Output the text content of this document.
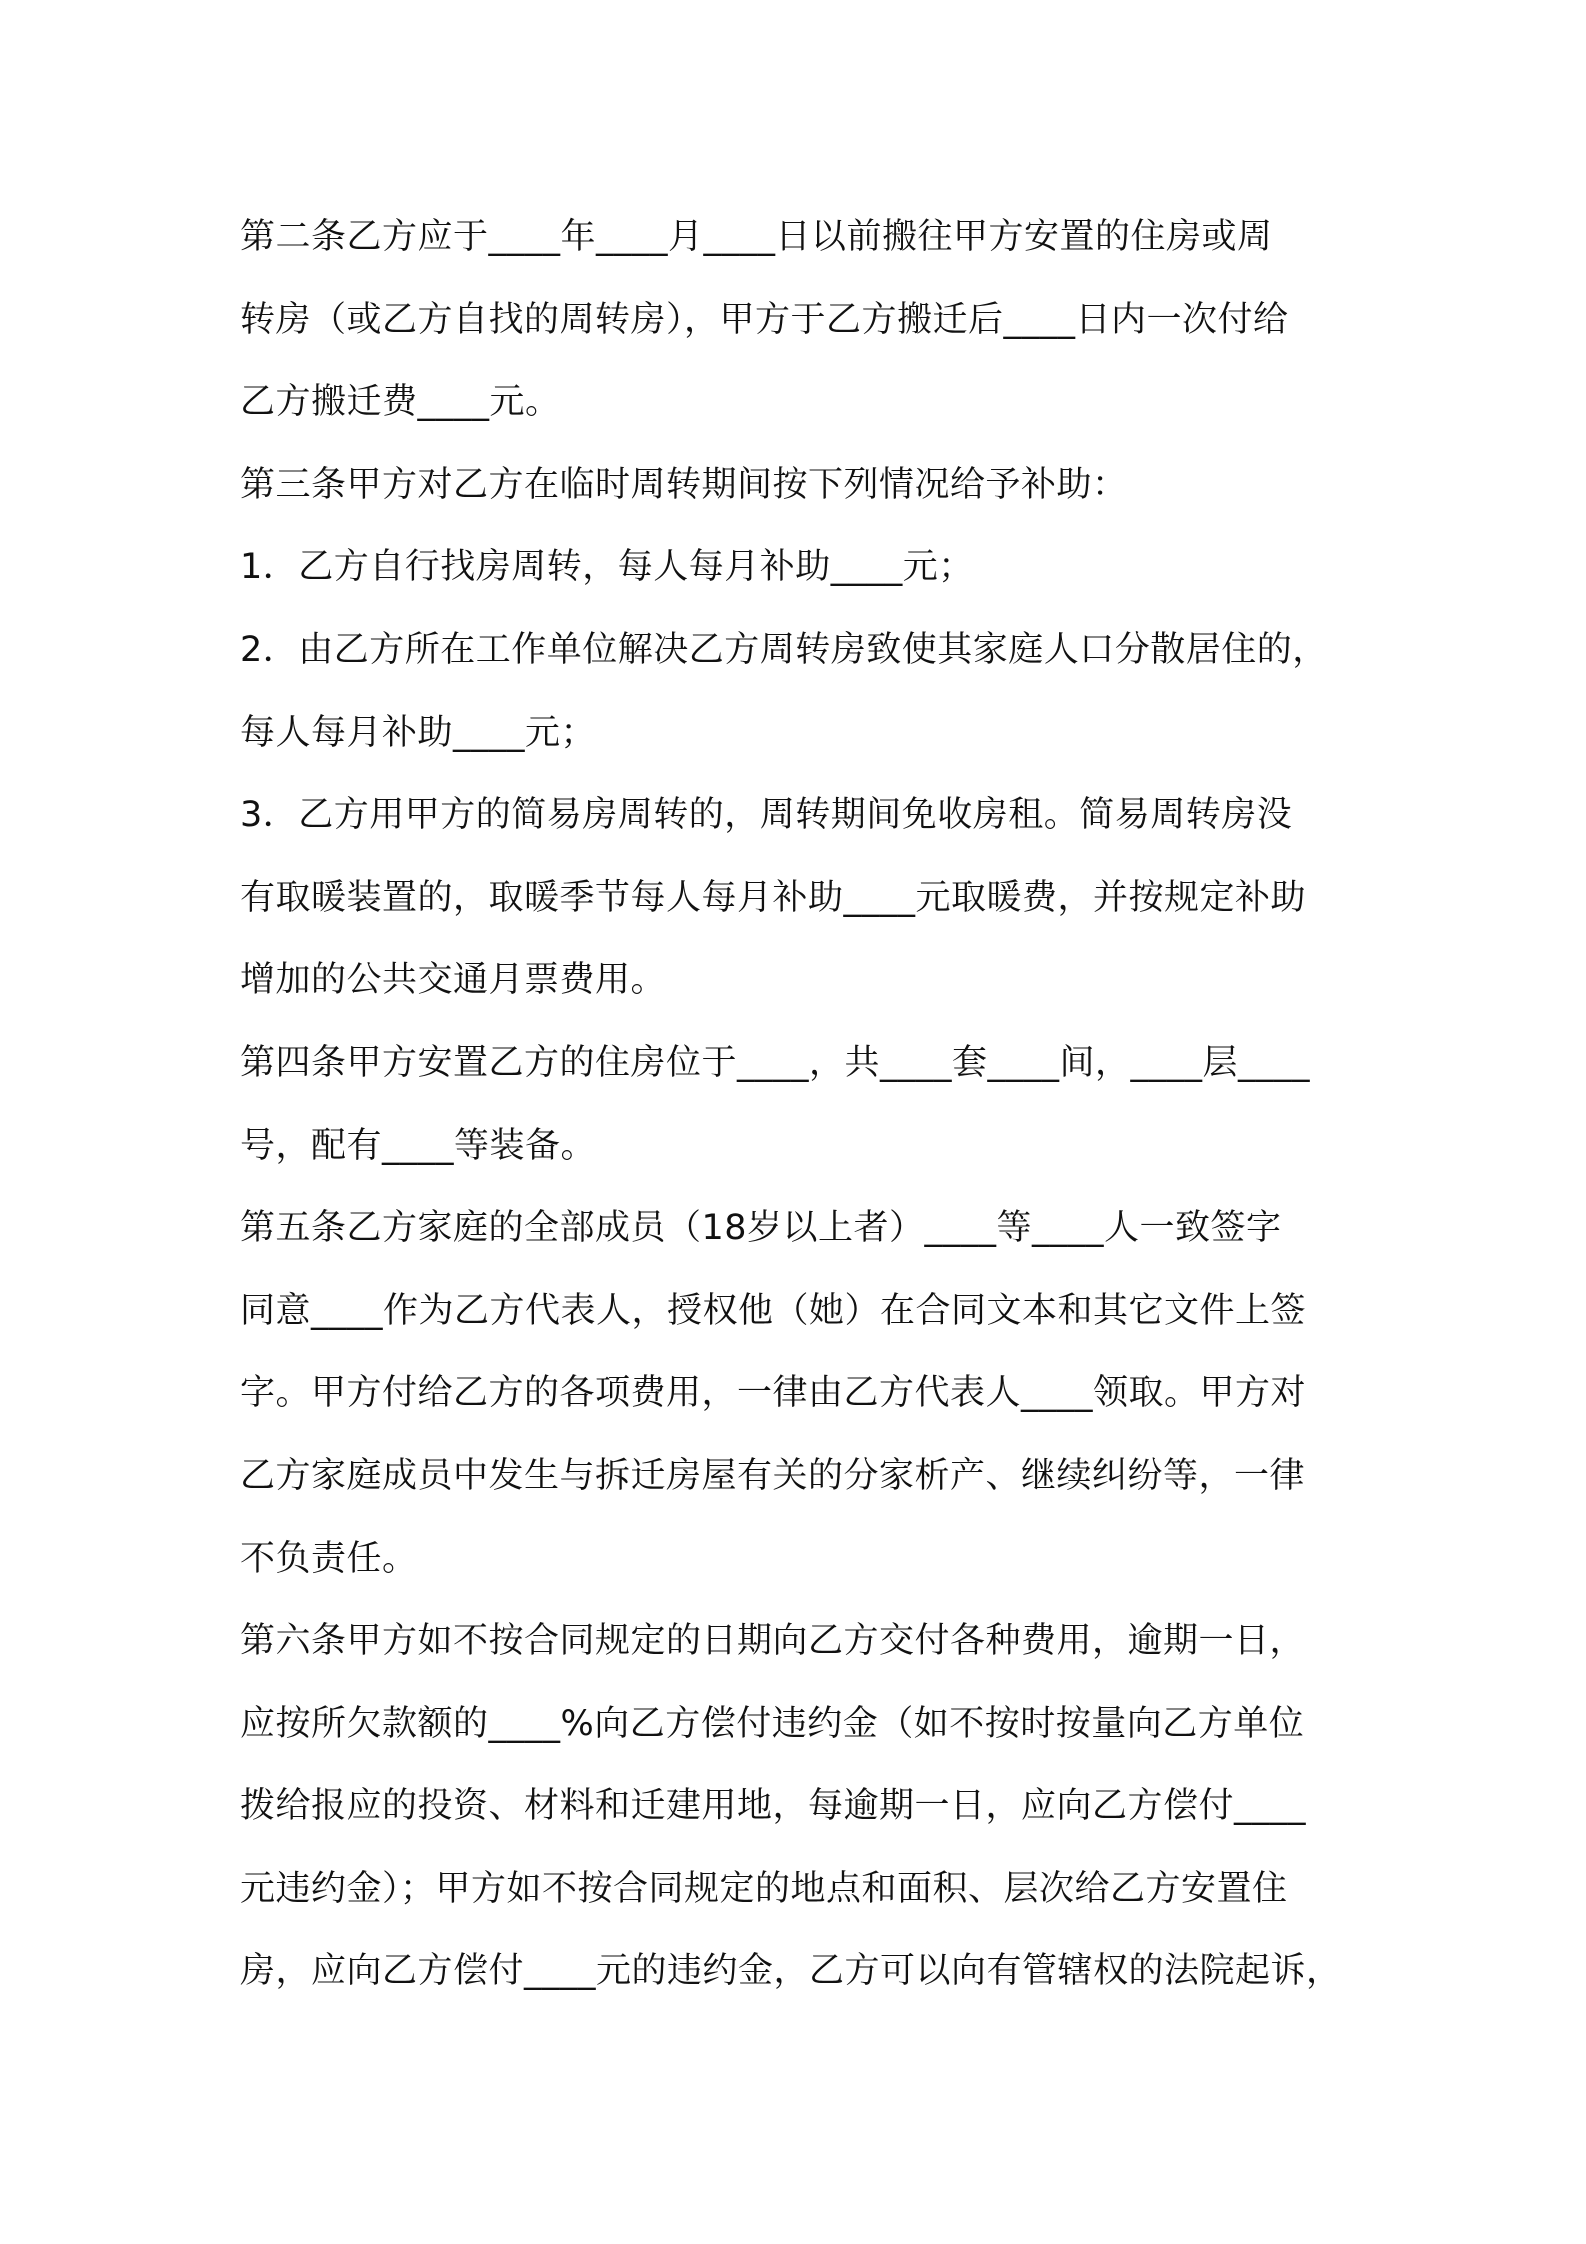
第二条乙方应于____年____月____日以前搬往甲方安置的住房或周
转房（或乙方自找的周转房），甲方于乙方搬迁后____日内一次付给
乙方搬迁费____元。
第三条甲方对乙方在临时周转期间按下列情况给予补助：
1．乙方自行找房周转，每人每月补助____元；
2．由乙方所在工作单位解决乙方周转房致使其家庭人口分散居住的，
每人每月补助____元；
3．乙方用甲方的简易房周转的，周转期间免收房租。简易周转房没
有取暖装置的，取暖季节每人每月补助____元取暖费，并按规定补助
增加的公共交通月票费用。
第四条甲方安置乙方的住房位于____，共____套____间，____层____
号，配有____等装备。
第五条乙方家庭的全部成员（18岁以上者）____等____人一致签字
同意____作为乙方代表人，授权他（她）在合同文本和其它文件上签
字。甲方付给乙方的各项费用，一律由乙方代表人____领取。甲方对
乙方家庭成员中发生与拆迁房屋有关的分家析产、继续纠纷等，一律
不负责任。
第六条甲方如不按合同规定的日期向乙方交付各种费用，逾期一日，
应按所欠款额的____%向乙方偿付违约金（如不按时按量向乙方单位
拨给报应的投资、材料和迁建用地，每逾期一日，应向乙方偿付____
元违约金）；甲方如不按合同规定的地点和面积、层次给乙方安置住
房，应向乙方偿付____元的违约金，乙方可以向有管辖权的法院起诉，
